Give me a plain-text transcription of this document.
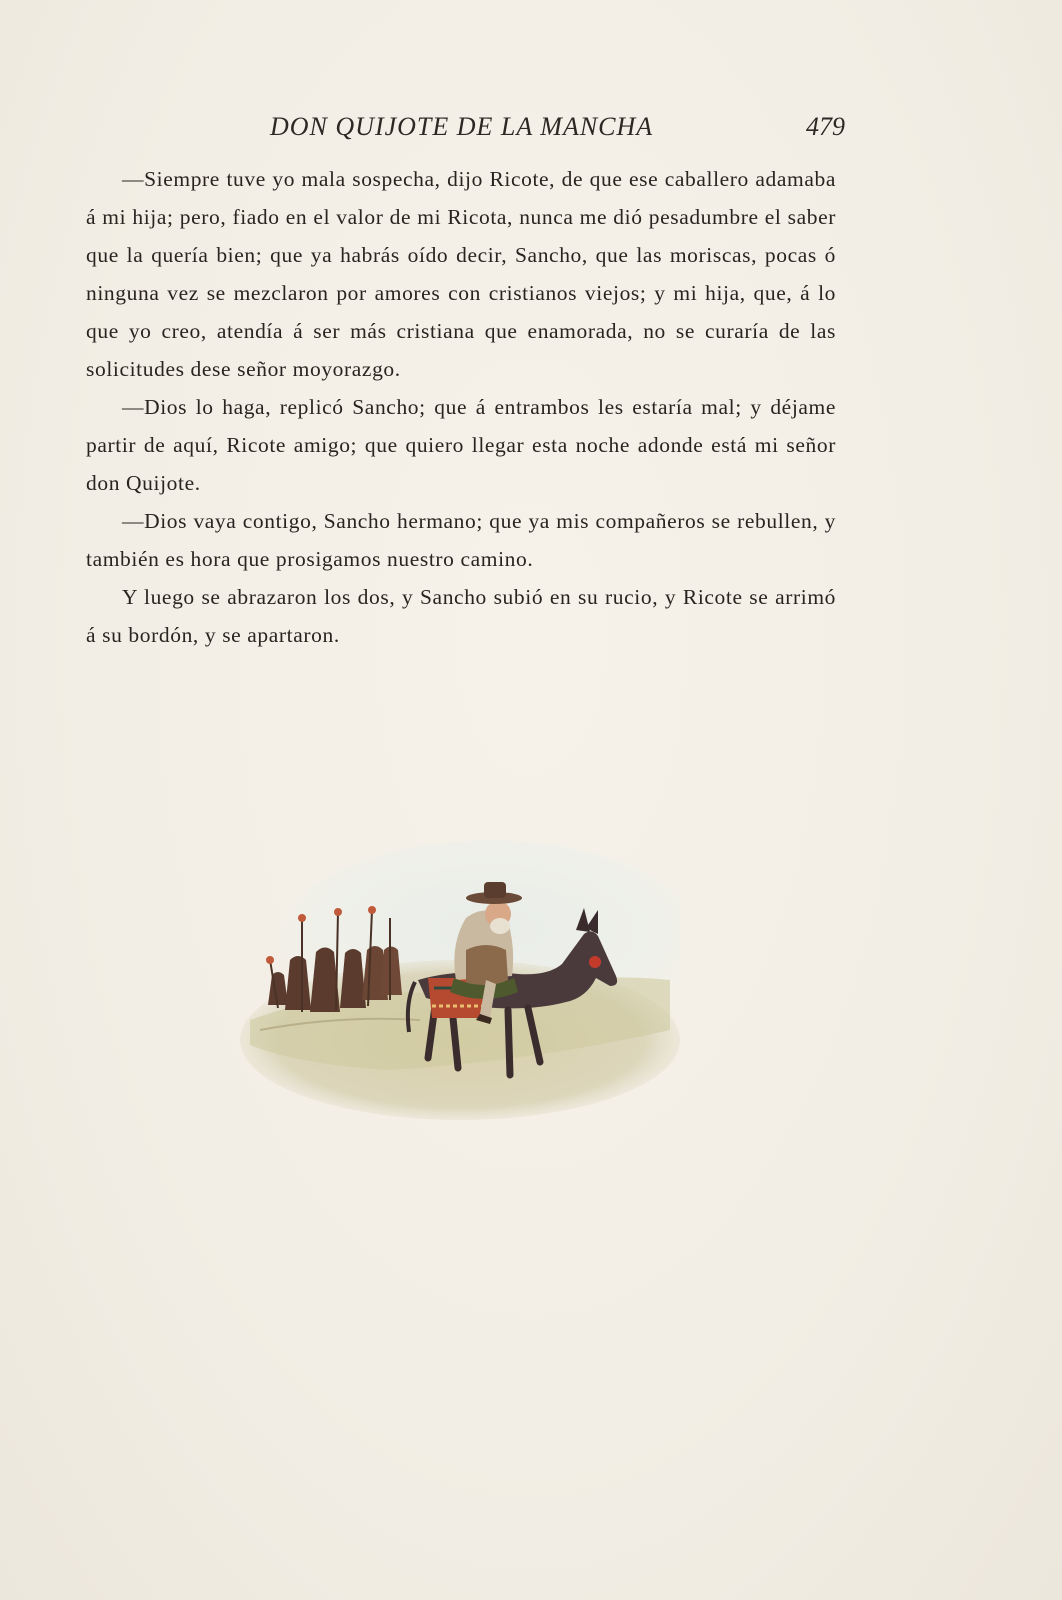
DON QUIJOTE DE LA MANCHA	479

—Siempre tuve yo mala sospecha, dijo Ricote, de que ese caballero adamaba á mi hija; pero, fiado en el valor de mi Ricota, nunca me dió pesadumbre el saber que la quería bien; que ya habrás oído decir, Sancho, que las moriscas, pocas ó ninguna vez se mezclaron por amores con cristianos viejos; y mi hija, que, á lo que yo creo, atendía á ser más cristiana que enamorada, no se curaría de las solicitudes dese señor moyorazgo.

—Dios lo haga, replicó Sancho; que á entrambos les estaría mal; y déjame partir de aquí, Ricote amigo; que quiero llegar esta noche adonde está mi señor don Quijote.

—Dios vaya contigo, Sancho hermano; que ya mis compañeros se rebullen, y también es hora que prosigamos nuestro camino.

Y luego se abrazaron los dos, y Sancho subió en su rucio, y Ricote se arrimó á su bordón, y se apartaron.
